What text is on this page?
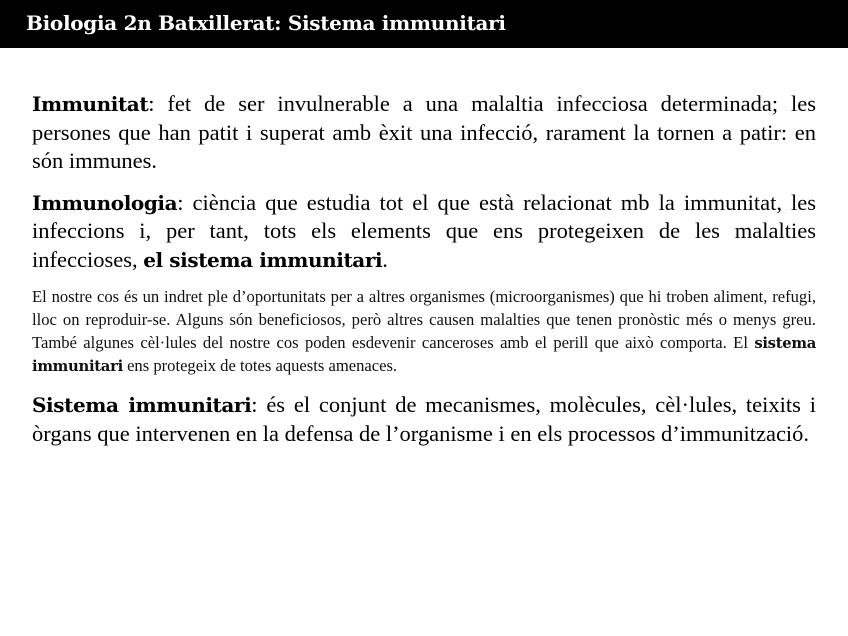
Biologia 2n Batxillerat: Sistema immunitari

Immunitat: fet de ser invulnerable a una malaltia infecciosa determinada; les persones que han patit i superat amb èxit una infecció, rarament la tornen a patir: en són immunes.

Immunologia: ciència que estudia tot el que està relacionat mb la immunitat, les infeccions i, per tant, tots els elements que ens protegeixen de les malalties infeccioses, el sistema immunitari.

El nostre cos és un indret ple d’oportunitats per a altres organismes (microorganismes) que hi troben aliment, refugi, lloc on reproduir-se. Alguns són beneficiosos, però altres causen malalties que tenen pronòstic més o menys greu. També algunes cèl·lules del nostre cos poden esdevenir canceroses amb el perill que això comporta. El sistema immunitari ens protegeix de totes aquests amenaces.

Sistema immunitari: és el conjunt de mecanismes, molècules, cèl·lules, teixits i òrgans que intervenen en la defensa de l’organisme i en els processos d’immunització.
